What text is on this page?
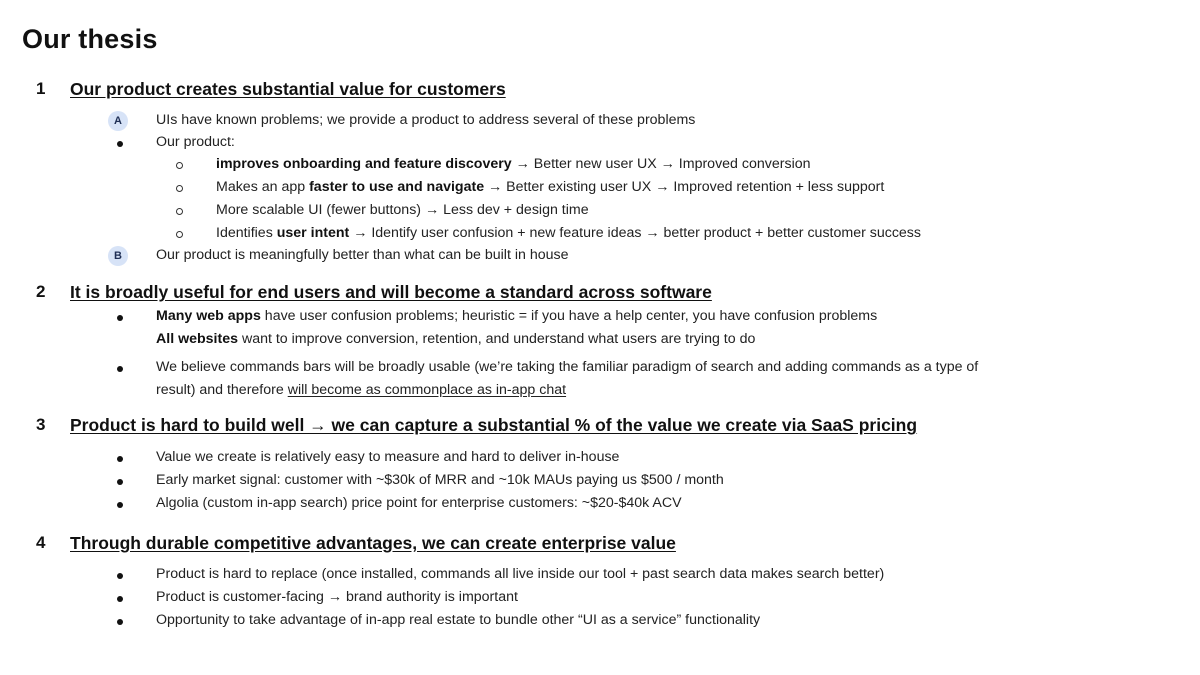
Our thesis
1 Our product creates substantial value for customers
A	UIs have known problems; we provide a product to address several of these problems
Our product:
improves onboarding and feature discovery → Better new user UX → Improved conversion
Makes an app faster to use and navigate → Better existing user UX → Improved retention + less support
More scalable UI (fewer buttons) → Less dev + design time
Identifies user intent → Identify user confusion + new feature ideas → better product + better customer success
B	Our product is meaningfully better than what can be built in house
2 It is broadly useful for end users and will become a standard across software
Many web apps have user confusion problems; heuristic = if you have a help center, you have confusion problems
All websites want to improve conversion, retention, and understand what users are trying to do
We believe commands bars will be broadly usable (we’re taking the familiar paradigm of search and adding commands as a type of
result) and therefore will become as commonplace as in-app chat
3 Product is hard to build well → we can capture a substantial % of the value we create via SaaS pricing
Value we create is relatively easy to measure and hard to deliver in-house
Early market signal: customer with ~$30k of MRR and ~10k MAUs paying us $500 / month
Algolia (custom in-app search) price point for enterprise customers: ~$20-$40k ACV
4 Through durable competitive advantages, we can create enterprise value
Product is hard to replace (once installed, commands all live inside our tool + past search data makes search better)
Product is customer-facing → brand authority is important
Opportunity to take advantage of in-app real estate to bundle other “UI as a service” functionality
